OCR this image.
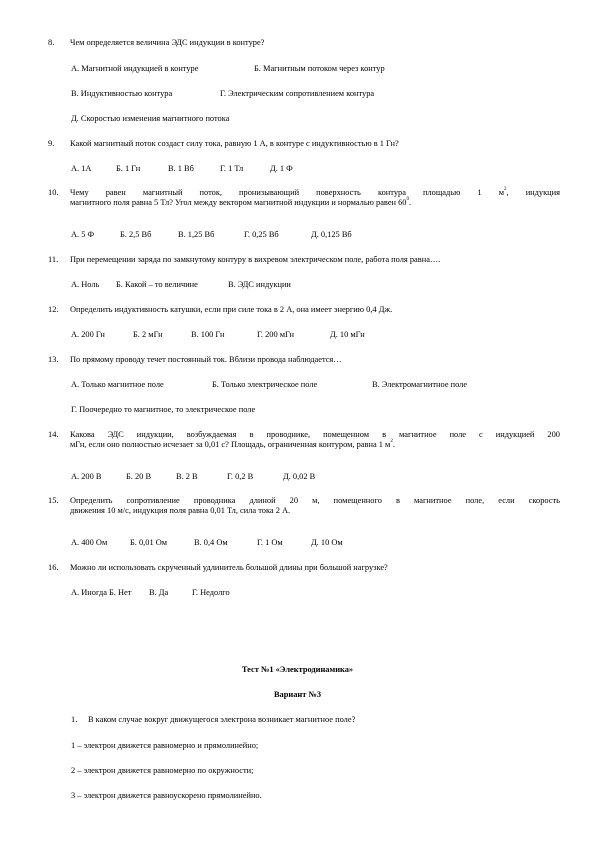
8.	Чем определяется величина ЭДС индукции в контуре?
А. Магнитной индукцией в контуре	Б. Магнитным потоком через контур
В. Индуктивностью контура	Г. Электрическим сопротивлением контура
Д. Скоростью изменения магнитного потока
9.	Какой магнитный поток создаст силу тока, равную 1 А, в контуре с индуктивностью в 1 Гн?
А. 1А	Б. 1 Гн	В. 1 Вб	Г. 1 Тл	Д. 1 Ф
10.	Чему равен магнитный поток, пронизывающий поверхность контура площадью 1 $м^2$, индукция
магнитного поля равна 5 Тл? Угол между вектором магнитной индукции и нормалью равен $60^0$.
А. 5 Ф	Б. 2,5 Вб	В. 1,25 Вб	Г. 0,25 Вб	Д. 0,125 Вб
11.	При перемещении заряда по замкнутому контуру в вихревом электрическом поле, работа поля равна….
А. Ноль	Б. Какой – то величине	В. ЭДС индукции
12.	Определить индуктивность катушки, если при силе тока в 2 А, она имеет энергию 0,4 Дж.
А. 200 Гн	Б. 2 мГн	В. 100 Гн	Г. 200 мГн	Д. 10 мГн
13.	По прямому проводу течет постоянный ток. Вблизи провода наблюдается…
А. Только магнитное поле	Б. Только электрическое поле	В. Электромагнитное поле
Г. Поочередно то магнитное, то электрическое поле
14.	Какова ЭДС индукции, возбуждаемая в проводнике, помещенном в магнитное поле с индукцией 200
мГн, если оно полностью исчезает за 0,01 с? Площадь, ограниченная контуром, равна 1 $м^2$.
А. 200 В	Б. 20 В	В. 2 В	Г. 0,2 В	Д. 0,02 В
15.	Определить сопротивление проводника длиной 20 м, помещенного в магнитное поле, если скорость
движения 10 м/с, индукция поля равна 0,01 Тл, сила тока 2 А.
А. 400 Ом	Б. 0,01 Ом	В. 0,4 Ом	Г. 1 Ом	Д. 10 Ом
16.	Можно ли использовать скрученный удлинитель большой длины при большой нагрузке?
А. Иногда Б. Нет	В. Да	Г. Недолго
Тест №1 «Электродинамика»
Вариант №3
1. В каком случае вокруг движущегося электрона возникает магнитное поле?
1 – электрон движется равномерно и прямолинейно;
2 – электрон движется равномерно по окружности;
3 – электрон движется равноускорено прямолинейно.
